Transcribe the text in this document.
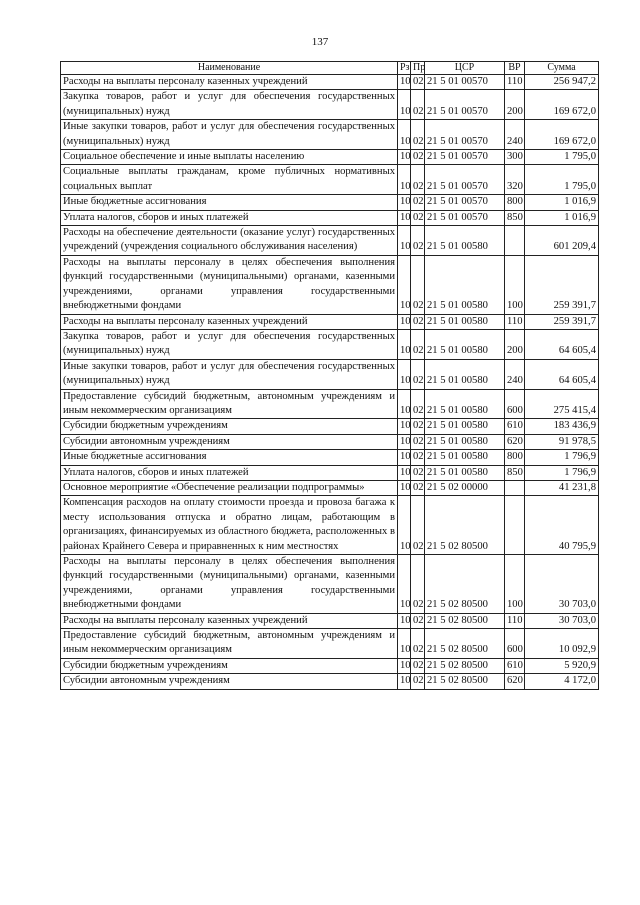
137
Наименование	Рз	Пр	ЦСР	ВР	Сумма
Расходы на выплаты персоналу казенных учреждений	10	02	21 5 01 00570	110	256 947,2
Закупка товаров, работ и услуг для обеспечения государственных (муниципальных) нужд	10	02	21 5 01 00570	200	169 672,0
Иные закупки товаров, работ и услуг для обеспечения государственных (муниципальных) нужд	10	02	21 5 01 00570	240	169 672,0
Социальное обеспечение и иные выплаты населению	10	02	21 5 01 00570	300	1 795,0
Социальные выплаты гражданам, кроме публичных нормативных социальных выплат	10	02	21 5 01 00570	320	1 795,0
Иные бюджетные ассигнования	10	02	21 5 01 00570	800	1 016,9
Уплата налогов, сборов и иных платежей	10	02	21 5 01 00570	850	1 016,9
Расходы на обеспечение деятельности (оказание услуг) государственных учреждений (учреждения социального обслуживания населения)	10	02	21 5 01 00580		601 209,4
Расходы на выплаты персоналу в целях обеспечения выполнения функций государственными (муниципальными) органами, казенными учреждениями, органами управления государственными внебюджетными фондами	10	02	21 5 01 00580	100	259 391,7
Расходы на выплаты персоналу казенных учреждений	10	02	21 5 01 00580	110	259 391,7
Закупка товаров, работ и услуг для обеспечения государственных (муниципальных) нужд	10	02	21 5 01 00580	200	64 605,4
Иные закупки товаров, работ и услуг для обеспечения государственных (муниципальных) нужд	10	02	21 5 01 00580	240	64 605,4
Предоставление субсидий бюджетным, автономным учреждениям и иным некоммерческим организациям	10	02	21 5 01 00580	600	275 415,4
Субсидии бюджетным учреждениям	10	02	21 5 01 00580	610	183 436,9
Субсидии автономным учреждениям	10	02	21 5 01 00580	620	91 978,5
Иные бюджетные ассигнования	10	02	21 5 01 00580	800	1 796,9
Уплата налогов, сборов и иных платежей	10	02	21 5 01 00580	850	1 796,9
Основное мероприятие «Обеспечение реализации подпрограммы»	10	02	21 5 02 00000		41 231,8
Компенсация расходов на оплату стоимости проезда и провоза багажа к месту использования отпуска и обратно лицам, работающим в организациях, финансируемых из областного бюджета, расположенных в районах Крайнего Севера и приравненных к ним местностях	10	02	21 5 02 80500		40 795,9
Расходы на выплаты персоналу в целях обеспечения выполнения функций государственными (муниципальными) органами, казенными учреждениями, органами управления государственными внебюджетными фондами	10	02	21 5 02 80500	100	30 703,0
Расходы на выплаты персоналу казенных учреждений	10	02	21 5 02 80500	110	30 703,0
Предоставление субсидий бюджетным, автономным учреждениям и иным некоммерческим организациям	10	02	21 5 02 80500	600	10 092,9
Субсидии бюджетным учреждениям	10	02	21 5 02 80500	610	5 920,9
Субсидии автономным учреждениям	10	02	21 5 02 80500	620	4 172,0
